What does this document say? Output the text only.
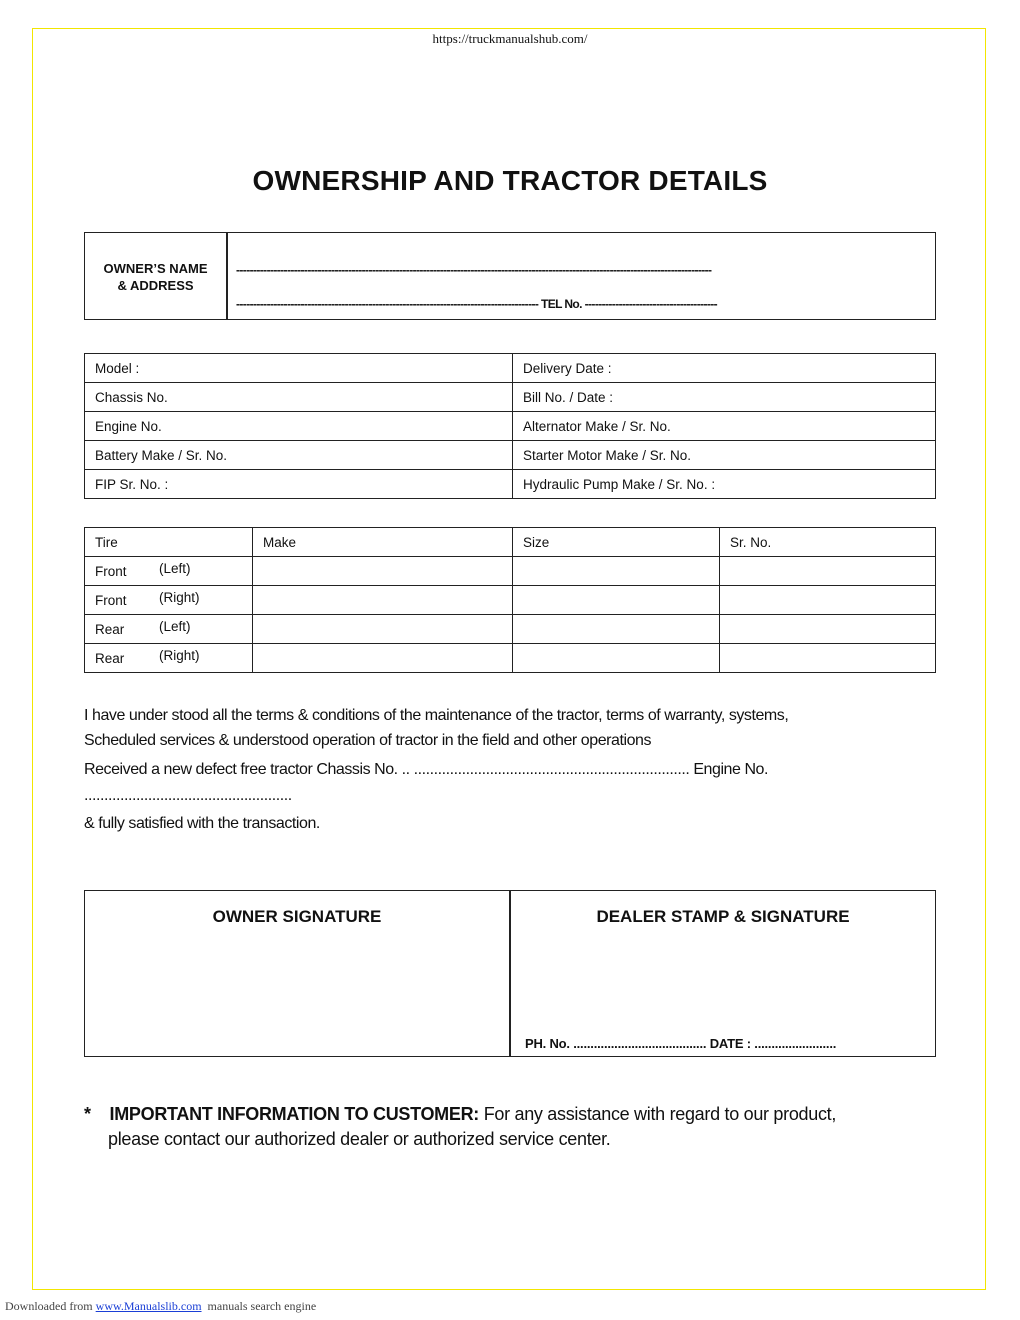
https://truckmanualshub.com/
OWNERSHIP AND TRACTOR DETAILS
OWNER’S NAME
& ADDRESS
--------------------------------------------------------------------------------------------------------------------------------------------
----------------------------------------------------------------------------------------- TEL No. ---------------------------------------
Model :	Delivery Date :
Chassis No.	Bill No. / Date :
Engine No.	Alternator Make / Sr. No.
Battery Make / Sr. No.	Starter Motor Make / Sr. No.
FIP Sr. No. :	Hydraulic Pump Make / Sr. No. :
Tire	Make	Size	Sr. No.
Front (Left)			
Front (Right)			
Rear (Left)			
Rear (Right)			
I have under stood all the terms & conditions of the maintenance of the tractor, terms of warranty, systems,
Scheduled services & understood operation of tractor in the field and other operations
Received a new defect free tractor Chassis No. .. ..................................................................... Engine No.
....................................................
& fully satisfied with the transaction.
OWNER SIGNATURE	DEALER STAMP & SIGNATURE
PH. No. ....................................... DATE : ........................
* IMPORTANT INFORMATION TO CUSTOMER: For any assistance with regard to our product,
please contact our authorized dealer or authorized service center.
Downloaded from www.Manualslib.com manuals search engine
